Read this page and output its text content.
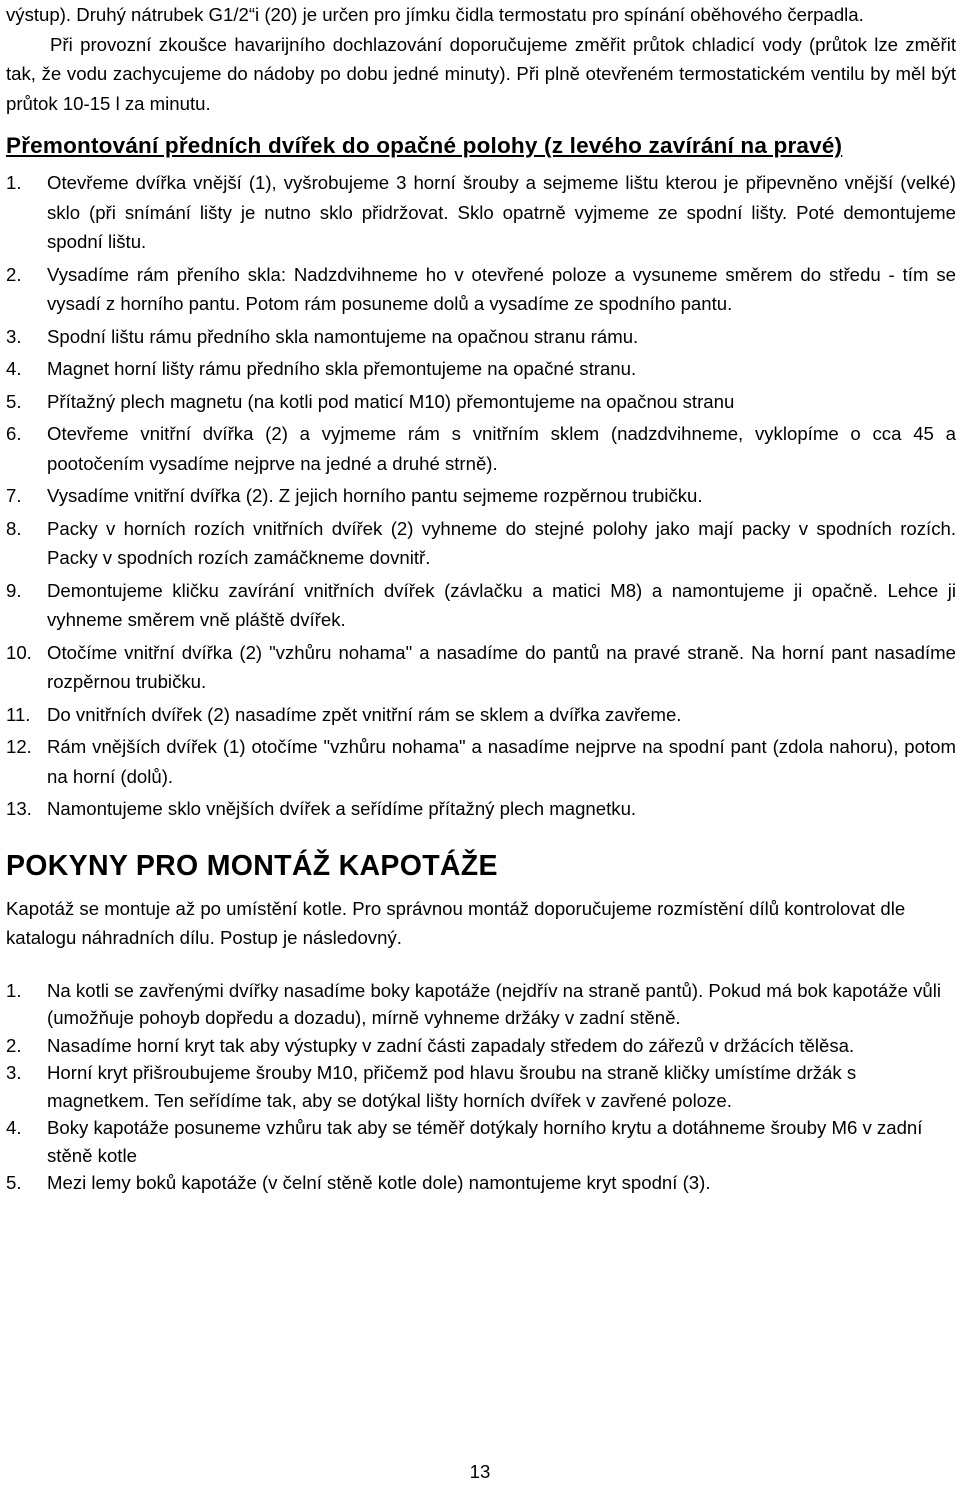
výstup). Druhý nátrubek G1/2“i (20) je určen pro jímku čidla termostatu pro spínání oběhového čerpadla.

Při provozní zkoušce havarijního dochlazování doporučujeme změřit průtok chladicí vody (průtok lze změřit tak, že vodu zachycujeme do nádoby po dobu jedné minuty). Při plně otevřeném termostatickém ventilu by měl být průtok 10-15 l za minutu.

Přemontování předních dvířek do opačné polohy (z levého zavírání na pravé)
1.	Otevřeme dvířka vnější (1), vyšrobujeme 3 horní šrouby a sejmeme lištu kterou je připevněno vnější (velké) sklo (při snímání lišty je nutno sklo přidržovat. Sklo opatrně vyjmeme ze spodní lišty. Poté demontujeme spodní lištu.
2.	Vysadíme rám přeního skla: Nadzdvihneme ho v otevřené poloze a vysuneme směrem do středu - tím se vysadí z horního pantu. Potom rám posuneme dolů a vysadíme ze spodního pantu.
3.	Spodní lištu rámu předního skla namontujeme na opačnou stranu rámu.
4.	Magnet horní lišty rámu předního skla přemontujeme na opačné stranu.
5.	Přítažný plech magnetu (na kotli pod maticí M10) přemontujeme na opačnou stranu
6.	Otevřeme vnitřní dvířka (2) a vyjmeme rám s vnitřním sklem (nadzdvihneme, vyklopíme o cca 45 a pootočením vysadíme nejprve na jedné a druhé strně).
7.	Vysadíme vnitřní dvířka (2). Z jejich horního pantu sejmeme rozpěrnou trubičku.
8.	Packy v horních rozích vnitřních dvířek (2) vyhneme do stejné polohy jako mají packy v spodních rozích. Packy v spodních rozích zamáčkneme dovnitř.
9.	Demontujeme kličku zavírání vnitřních dvířek (závlačku a matici M8) a namontujeme ji opačně. Lehce ji vyhneme směrem vně pláště dvířek.
10. Otočíme vnitřní dvířka (2) "vzhůru nohama" a nasadíme do pantů na pravé straně. Na horní pant nasadíme rozpěrnou trubičku.
11. Do vnitřních dvířek (2) nasadíme zpět vnitřní rám se sklem a dvířka zavřeme.
12. Rám vnějších dvířek (1) otočíme "vzhůru nohama" a nasadíme nejprve na spodní pant (zdola nahoru), potom na horní (dolů).
13. Namontujeme sklo vnějších dvířek a seřídíme přítažný plech magnetku.
POKYNY PRO MONTÁŽ KAPOTÁŽE

Kapotáž se montuje až po umístění kotle. Pro správnou montáž doporučujeme rozmístění dílů kontrolovat dle katalogu náhradních dílu. Postup je následovný.

1.	Na kotli se zavřenými dvířky nasadíme boky kapotáže (nejdřív na straně pantů). Pokud má bok kapotáže vůli (umožňuje pohoyb dopředu a dozadu), mírně vyhneme držáky v zadní stěně.
2.	Nasadíme horní kryt tak aby výstupky v zadní části zapadaly středem do zářezů v držácích tělěsa.
3.	Horní kryt přišroubujeme šrouby M10, přičemž pod hlavu šroubu na straně kličky umístíme držák s magnetkem. Ten seřídíme tak, aby se dotýkal lišty horních dvířek v zavřené poloze.
4.	Boky kapotáže posuneme vzhůru tak aby se téměř dotýkaly horního krytu a dotáhneme šrouby M6 v zadní stěně kotle
5.	Mezi lemy boků kapotáže (v čelní stěně kotle dole) namontujeme kryt spodní (3).
13
